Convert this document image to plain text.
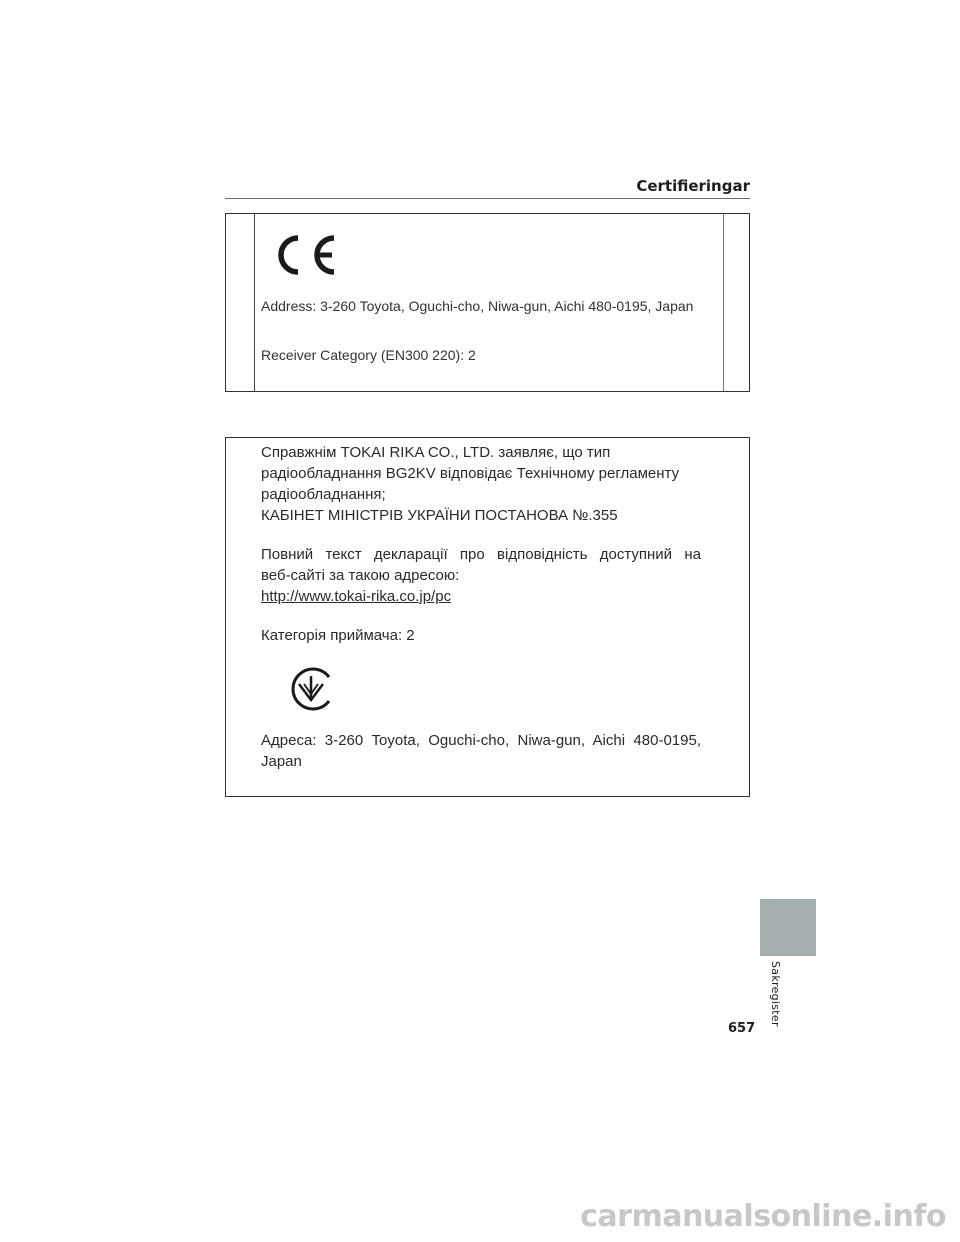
Certifieringar
Address: 3-260 Toyota, Oguchi-cho, Niwa-gun, Aichi 480-0195, Japan
Receiver Category (EN300 220): 2

Справжнім TOKAI RIKA CO., LTD. заявляє, що тип

радіообладнання BG2KV відповідає Технічному регламенту

радіообладнання;

КАБІНЕТ МІНІСТРІВ УКРАЇНИ ПОСТАНОВА №.355

Повний текст декларації про відповідність доступний на

веб-сайті за такою адресою:

http://www.tokai-rika.co.jp/pc

Категорія приймача: 2

Адреса: 3-260 Toyota, Oguchi-cho, Niwa-gun, Aichi 480-0195,

Japan

Sakregister
657
carmanualsonline.info
